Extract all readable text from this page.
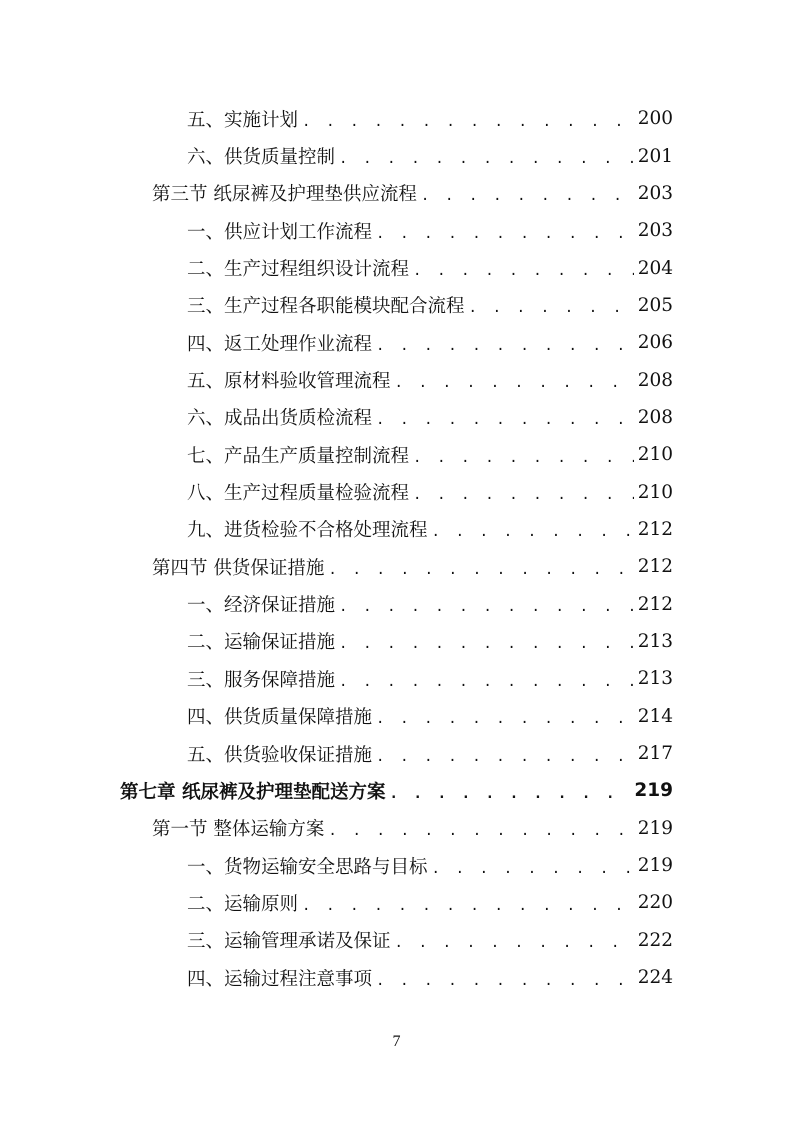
五、实施计划 . . .	200
六、供货质量控制 . . .	201
第三节 纸尿裤及护理垫供应流程 . . .	203
一、供应计划工作流程 . . .	203
二、生产过程组织设计流程 . . .	204
三、生产过程各职能模块配合流程 . . .	205
四、返工处理作业流程 . . .	206
五、原材料验收管理流程 . . .	208
六、成品出货质检流程 . . .	208
七、产品生产质量控制流程 . . .	210
八、生产过程质量检验流程 . . .	210
九、进货检验不合格处理流程 . . .	212
第四节 供货保证措施 . . .	212
一、经济保证措施 . . .	212
二、运输保证措施 . . .	213
三、服务保障措施 . . .	213
四、供货质量保障措施 . . .	214
五、供货验收保证措施 . . .	217
第七章 纸尿裤及护理垫配送方案 . . .	219
第一节 整体运输方案 . . .	219
一、货物运输安全思路与目标 . . .	219
二、运输原则 . . .	220
三、运输管理承诺及保证 . . .	222
四、运输过程注意事项 . . .	224
7
